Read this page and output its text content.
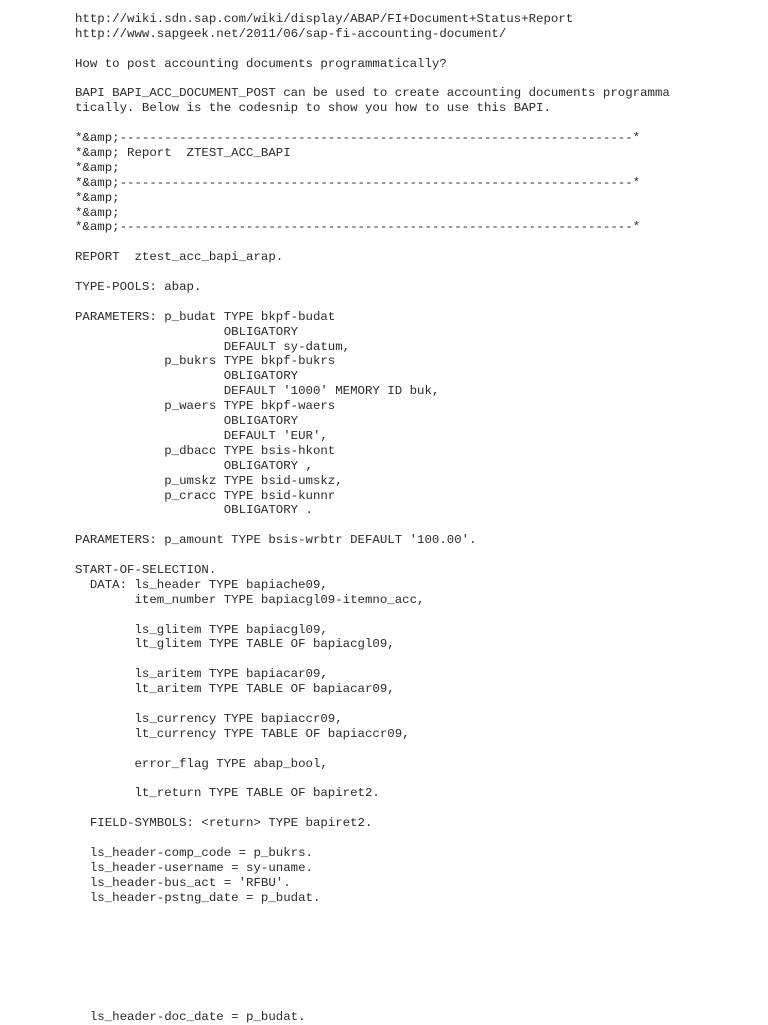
http://wiki.sdn.sap.com/wiki/display/ABAP/FI+Document+Status+Report
http://www.sapgeek.net/2011/06/sap-fi-accounting-document/
How to post accounting documents programmatically?
BAPI BAPI_ACC_DOCUMENT_POST can be used to create accounting documents programma
tically. Below is the codesnip to show you how to use this BAPI.
*&amp;---------------------------------------------------------------------*
*&amp; Report  ZTEST_ACC_BAPI
*&amp;
*&amp;---------------------------------------------------------------------*
*&amp;
*&amp;
*&amp;---------------------------------------------------------------------*
REPORT  ztest_acc_bapi_arap.
TYPE-POOLS: abap.
PARAMETERS: p_budat TYPE bkpf-budat
OBLIGATORY
DEFAULT sy-datum,
p_bukrs TYPE bkpf-bukrs
OBLIGATORY
DEFAULT '1000' MEMORY ID buk,
p_waers TYPE bkpf-waers
OBLIGATORY
DEFAULT 'EUR',
p_dbacc TYPE bsis-hkont
OBLIGATORY ,
p_umskz TYPE bsid-umskz,
p_cracc TYPE bsid-kunnr
OBLIGATORY .
PARAMETERS: p_amount TYPE bsis-wrbtr DEFAULT '100.00'.
START-OF-SELECTION.
DATA: ls_header TYPE bapiache09,
item_number TYPE bapiacgl09-itemno_acc,
ls_glitem TYPE bapiacgl09,
lt_glitem TYPE TABLE OF bapiacgl09,
ls_aritem TYPE bapiacar09,
lt_aritem TYPE TABLE OF bapiacar09,
ls_currency TYPE bapiaccr09,
lt_currency TYPE TABLE OF bapiaccr09,
error_flag TYPE abap_bool,
lt_return TYPE TABLE OF bapiret2.
FIELD-SYMBOLS: <return> TYPE bapiret2.
ls_header-comp_code = p_bukrs.
ls_header-username = sy-uname.
ls_header-bus_act = 'RFBU'.
ls_header-pstng_date = p_budat.
ls_header-doc_date = p_budat.
